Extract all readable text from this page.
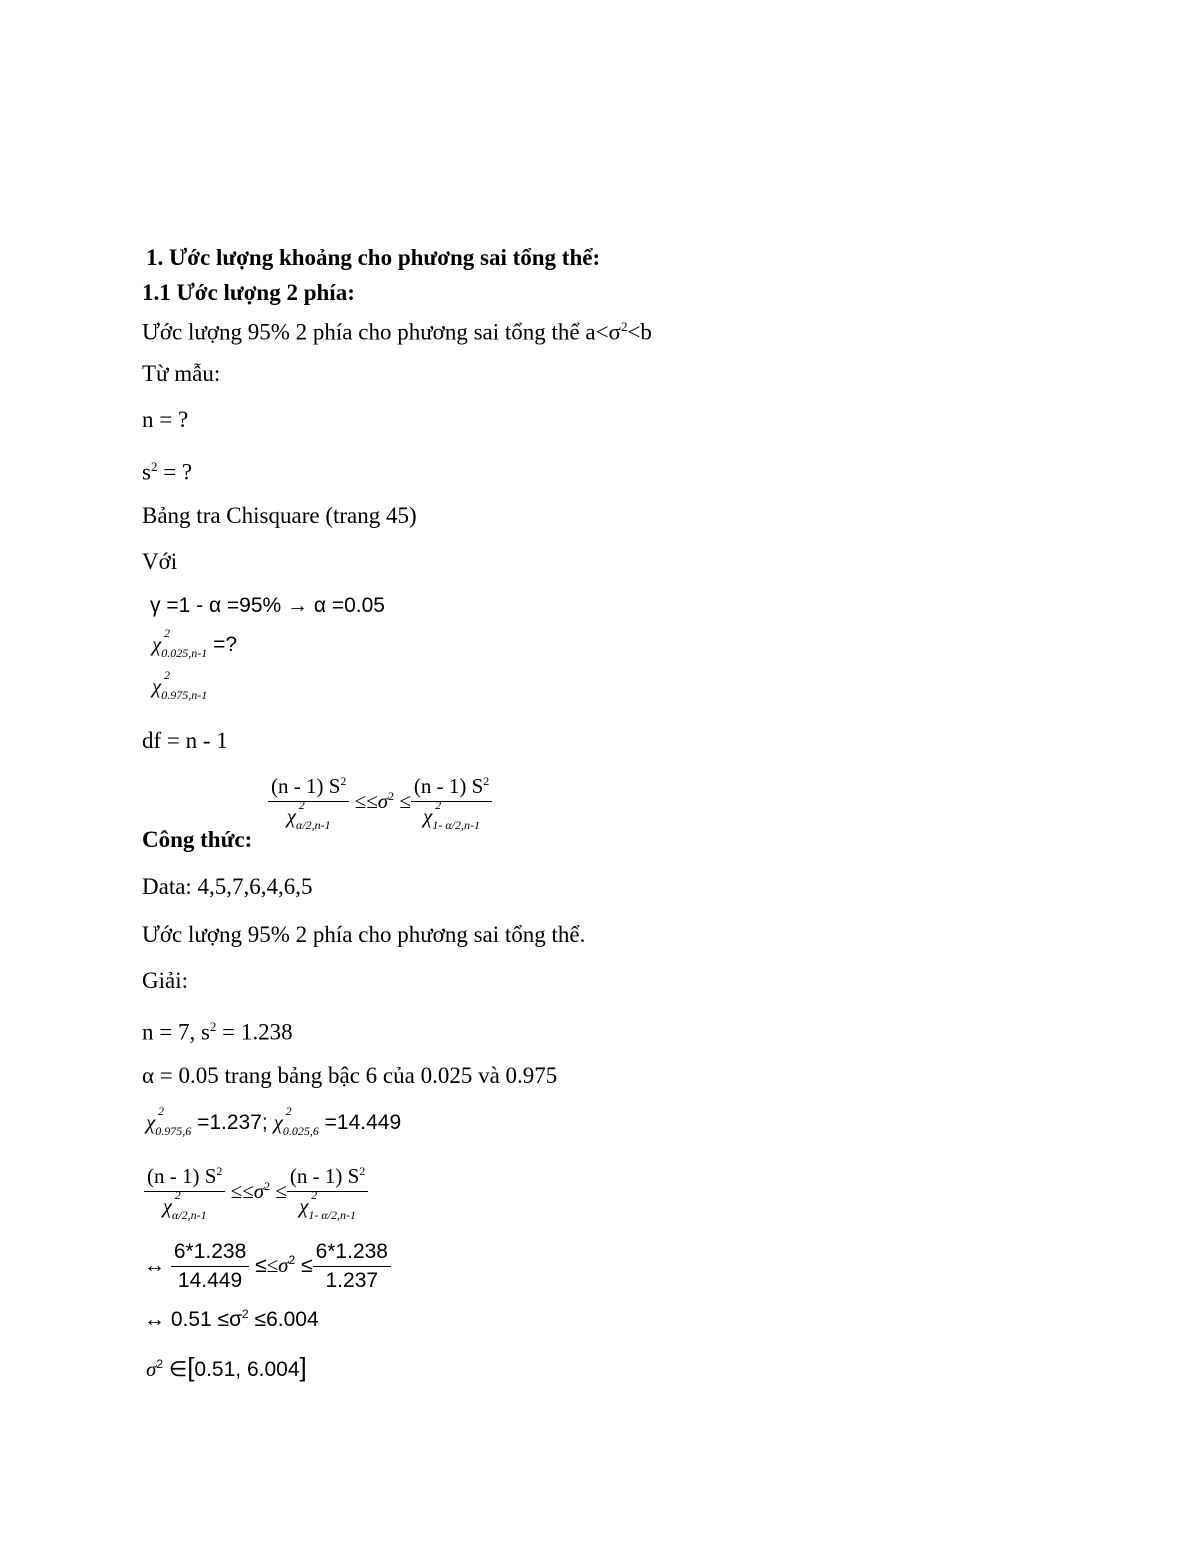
1. Ước lượng khoảng cho phương sai tổng thể:
1.1 Ước lượng 2 phía:
Ước lượng 95% 2 phía cho phương sai tổng thể $a<\sigma^2<b$
Từ mẫu:
n = ?
$s^2$ = ?
Bảng tra Chisquare (trang 45)
Với
γ =1 - α =95% → α =0.05
χ 2
$_{0.025,n-1}$ =?
χ 2
$_{0.975,n-1}$
df = n - 1
(n - 1) $S^2$
χ 2
$_{\alpha/2,n-1} \le\le\sigma^2 \le (n - 1)$ $S^2$
χ 2
$_{1- \alpha/2,n-1}$
Công thức:
Data: 4,5,7,6,4,6,5
Ước lượng 95% 2 phía cho phương sai tổng thể.
Giải:
n = 7, $s^2 = 1.238$
α = 0.05 trang bảng bậc 6 của 0.025 và 0.975
χ 2
$_{0.975,6}$ =1.237; χ 2
$_{0.025,6}$ =14.449
(n - 1) $S^2$
χ 2
$_{\alpha/2,n-1} \le\le\sigma^2 \le (n - 1)$ $S^2$
χ 2
$_{1- \alpha/2,n-1}$
↔ $\frac{6*1.238}{14.449} \le\le\sigma^2 \le \frac{6*1.238}{1.237}$
↔ $0.51 \le\sigma^2 \le 6.004$
$\sigma^2$ ∈[0.51, 6.004]
